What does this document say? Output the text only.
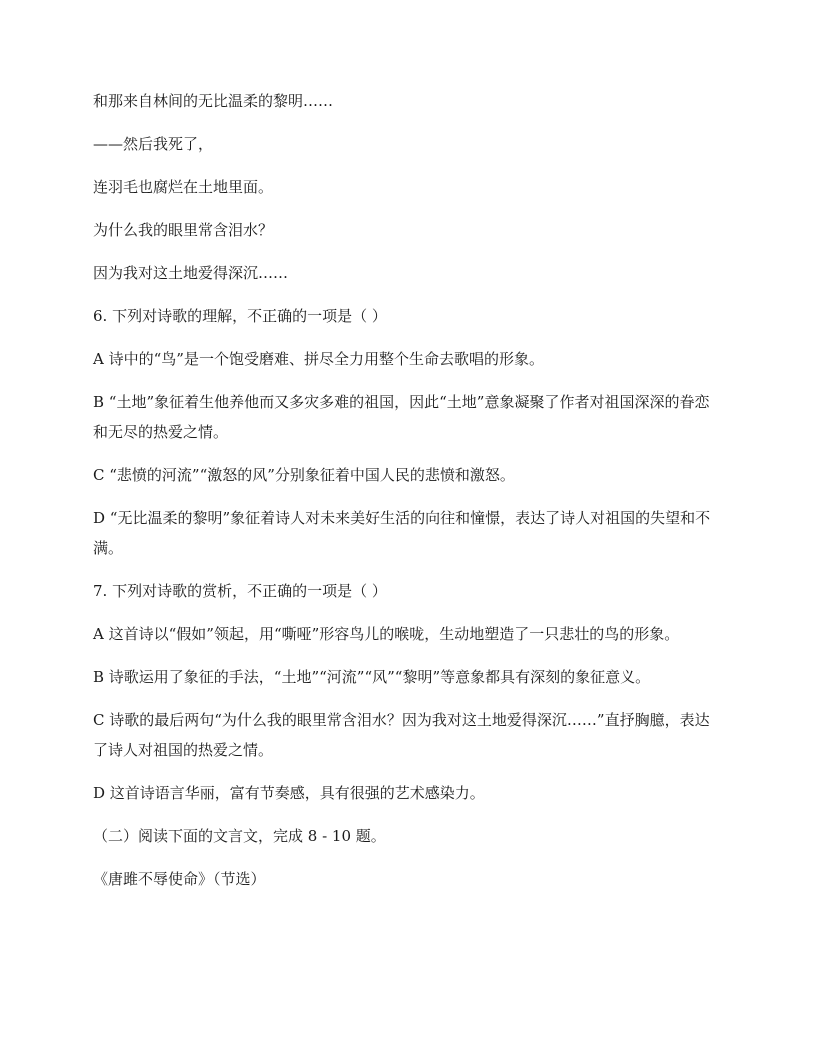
和那来自林间的无比温柔的黎明……

——然后我死了，

连羽毛也腐烂在土地里面。

为什么我的眼里常含泪水？

因为我对这土地爱得深沉……

6. 下列对诗歌的理解，不正确的一项是（ ）

A 诗中的“鸟”是一个饱受磨难、拼尽全力用整个生命去歌唱的形象。

B “土地”象征着生他养他而又多灾多难的祖国，因此“土地”意象凝聚了作者对祖国深深的眷恋和无尽的热爱之情。

C “悲愤的河流”“激怒的风”分别象征着中国人民的悲愤和激怒。

D “无比温柔的黎明”象征着诗人对未来美好生活的向往和憧憬，表达了诗人对祖国的失望和不满。

7. 下列对诗歌的赏析，不正确的一项是（ ）

A 这首诗以“假如”领起，用“嘶哑”形容鸟儿的喉咙，生动地塑造了一只悲壮的鸟的形象。

B 诗歌运用了象征的手法，“土地”“河流”“风”“黎明”等意象都具有深刻的象征意义。

C 诗歌的最后两句“为什么我的眼里常含泪水？因为我对这土地爱得深沉……”直抒胸臆，表达了诗人对祖国的热爱之情。

D 这首诗语言华丽，富有节奏感，具有很强的艺术感染力。

（二）阅读下面的文言文，完成 8 - 10 题。

《唐雎不辱使命》（节选）
